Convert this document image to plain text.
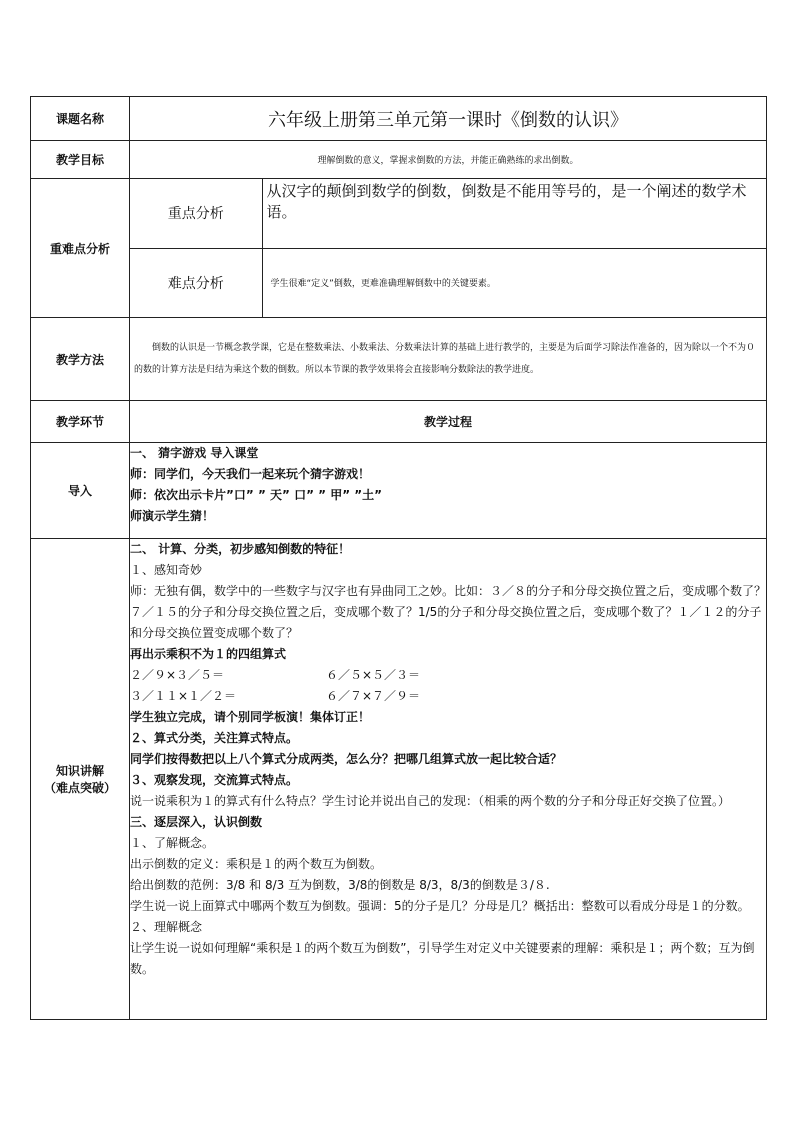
课题名称	六年级上册第三单元第一课时《倒数的认识》
教学目标	理解倒数的意义，掌握求倒数的方法，并能正确熟练的求出倒数。
重难点分析	
重点分析	从汉字的颠倒到数学的倒数，倒数是不能用等号的，是一个阐述的数学术语。
难点分析	学生很难“定义”倒数，更难准确理解倒数中的关键要素。

教学方法	倒数的认识是一节概念教学课，它是在整数乘法、小数乘法、分数乘法计算的基础上进行教学的，主要是为后面学习除法作准备的，因为除以一个不为０的数的计算方法是归结为乘这个数的倒数。所以本节课的教学效果将会直接影响分数除法的教学进度。
教学环节	教学过程
导入	

一、 猜字游戏 导入课堂

师：同学们，今天我们一起来玩个猜字游戏！

师：依次出示卡片”口” ” 天” 口” ” 甲” ”土”

师演示学生猜！

知识讲解
（难点突破）

二、 计算、分类，初步感知倒数的特征！

１、感知奇妙

师：无独有偶，数学中的一些数字与汉字也有异曲同工之妙。比如：３／８的分子和分母交换位置之后，变成哪个数了？７／１５的分子和分母交换位置之后，变成哪个数了？1/5的分子和分母交换位置之后，变成哪个数了？１／１２的分子和分母交换位置变成哪个数了？

再出示乘积不为１的四组算式

２／９×３／５＝	６／５×５／３＝

３／１１×１／２＝	６／７×７／９＝

学生独立完成，请个别同学板演！集体订正！

２、算式分类，关注算式特点。

同学们按得数把以上八个算式分成两类，怎么分？把哪几组算式放一起比较合适？

３、观察发现，交流算式特点。

说一说乘积为１的算式有什么特点？学生讨论并说出自己的发现：（相乘的两个数的分子和分母正好交换了位置。）

三、逐层深入，认识倒数

１、了解概念。

出示倒数的定义：乘积是１的两个数互为倒数。

给出倒数的范例：3/8 和 8/3 互为倒数，3/8的倒数是 8/3，8/3的倒数是３/８.

学生说一说上面算式中哪两个数互为倒数。强调：5的分子是几？分母是几？概括出：整数可以看成分母是１的分数。

２、理解概念

让学生说一说如何理解“乘积是１的两个数互为倒数”，引导学生对定义中关键要素的理解：乘积是１；两个数；互为倒数。
